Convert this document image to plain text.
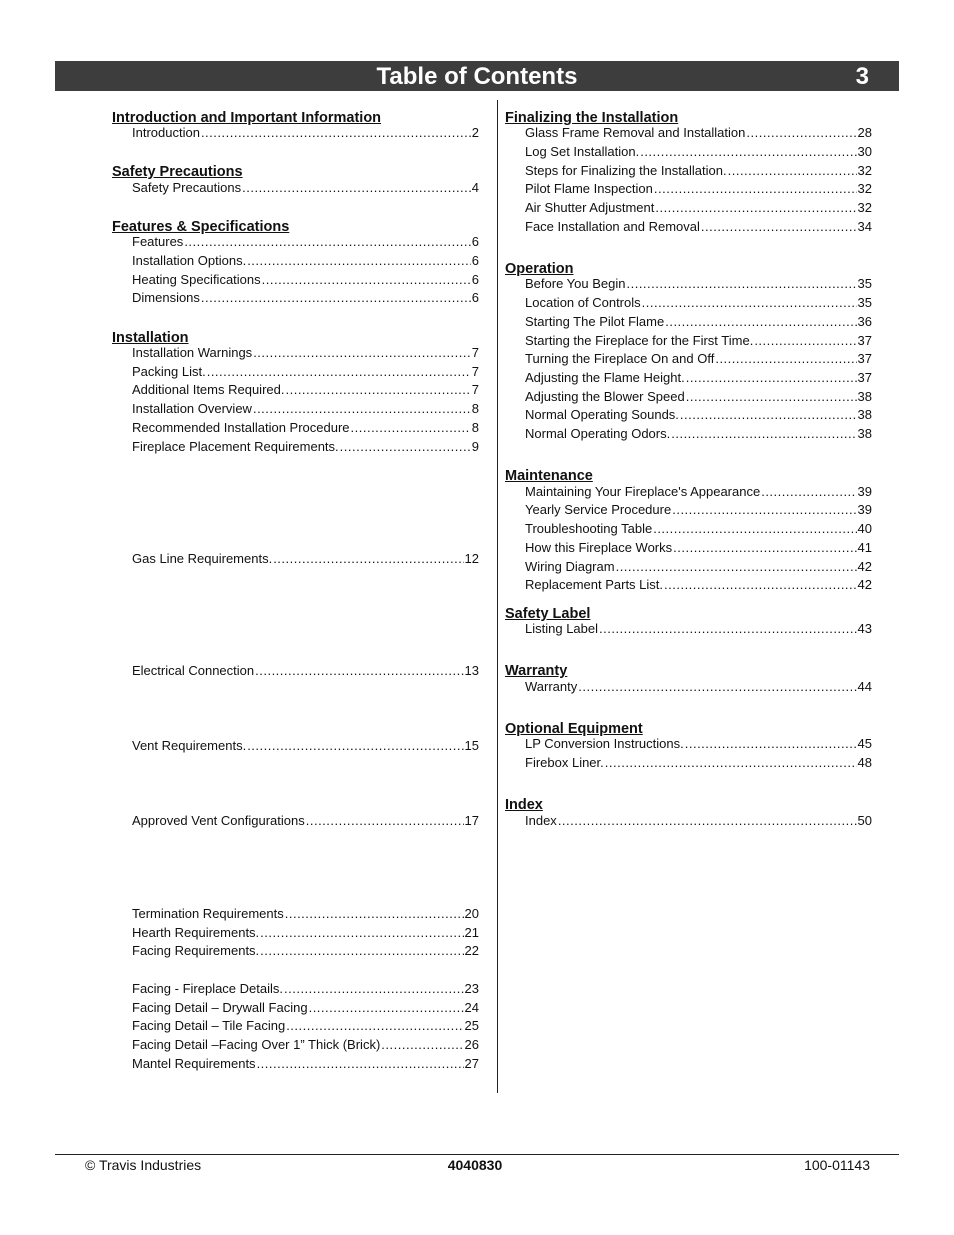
Table of Contents	3
Introduction and Important Information
Introduction .....	2
Safety Precautions
Safety Precautions .....	4
Features & Specifications
Features .....	6
Installation Options. .....	6
Heating Specifications .....	6
Dimensions .....	6
Installation
Installation Warnings .....	7
Packing List. .....	7
Additional Items Required. .....	7
Installation Overview .....	8
Recommended Installation Procedure .....	8
Fireplace Placement Requirements. .....	9
Gas Line Requirements. .....	12
Electrical Connection .....	13
Vent Requirements. .....	15
Approved Vent Configurations .....	17
Termination Requirements .....	20
Hearth Requirements. .....	21
Facing Requirements. .....	22
Facing - Fireplace Details. .....	23
Facing Detail – Drywall Facing .....	24
Facing Detail – Tile Facing .....	25
Facing Detail –Facing Over 1” Thick (Brick) .....	26
Mantel Requirements .....	27
Finalizing the Installation
Glass Frame Removal and Installation .....	28
Log Set Installation. .....	30
Steps for Finalizing the Installation. .....	32
Pilot Flame Inspection .....	32
Air Shutter Adjustment .....	32
Face Installation and Removal .....	34
Operation
Before You Begin .....	35
Location of Controls .....	35
Starting The Pilot Flame .....	36
Starting the Fireplace for the First Time. .....	37
Turning the Fireplace On and Off .....	37
Adjusting the Flame Height. .....	37
Adjusting the Blower Speed .....	38
Normal Operating Sounds. .....	38
Normal Operating Odors. .....	38
Maintenance
Maintaining Your Fireplace's Appearance .....	39
Yearly Service Procedure .....	39
Troubleshooting Table .....	40
How this Fireplace Works .....	41
Wiring Diagram .....	42
Replacement Parts List. .....	42
Safety Label
Listing Label .....	43
Warranty
Warranty .....	44
Optional Equipment
LP Conversion Instructions. .....	45
Firebox Liner. .....	48
Index
Index .....	50
© Travis Industries	4040830	100-01143
